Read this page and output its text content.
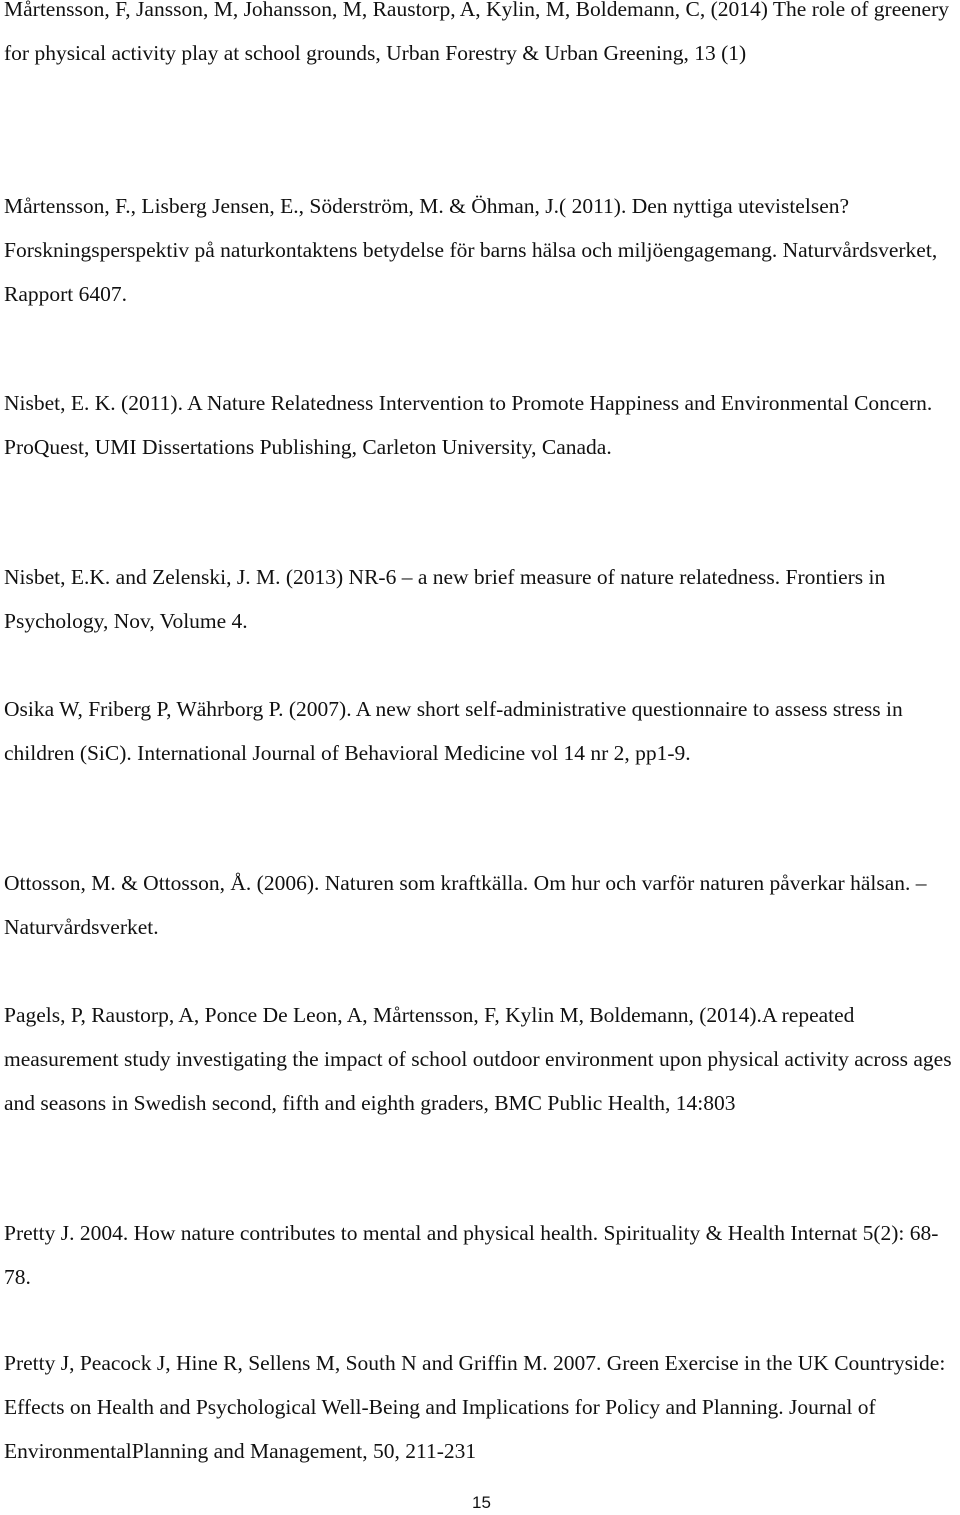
Mårtensson, F, Jansson, M, Johansson, M, Raustorp, A, Kylin, M, Boldemann, C, (2014) The role of greenery for physical activity play at school grounds, Urban Forestry & Urban Greening, 13 (1)

Mårtensson, F., Lisberg Jensen, E., Söderström, M. & Öhman, J.( 2011). Den nyttiga utevistelsen? Forskningsperspektiv på naturkontaktens betydelse för barns hälsa och miljöengagemang. Naturvårdsverket, Rapport 6407.

Nisbet, E. K. (2011). A Nature Relatedness Intervention to Promote Happiness and Environmental Concern. ProQuest, UMI Dissertations Publishing, Carleton University, Canada.

Nisbet, E.K. and Zelenski, J. M. (2013) NR-6 – a new brief measure of nature relatedness. Frontiers in Psychology, Nov, Volume 4.

Osika W, Friberg P, Währborg P. (2007). A new short self-administrative questionnaire to assess stress in children (SiC). International Journal of Behavioral Medicine vol 14 nr 2, pp1-9.

Ottosson, M. & Ottosson, Å. (2006). Naturen som kraftkälla. Om hur och varför naturen påverkar hälsan. – Naturvårdsverket.

Pagels, P, Raustorp, A, Ponce De Leon, A, Mårtensson, F, Kylin M, Boldemann, (2014).A repeated measurement study investigating the impact of school outdoor environment upon physical activity across ages and seasons in Swedish second, fifth and eighth graders, BMC Public Health, 14:803

Pretty J. 2004. How nature contributes to mental and physical health. Spirituality & Health Internat 5(2): 68-78.

Pretty J, Peacock J, Hine R, Sellens M, South N and Griffin M. 2007. Green Exercise in the UK Countryside: Effects on Health and Psychological Well-Being and Implications for Policy and Planning. Journal of EnvironmentalPlanning and Management, 50, 211-231

15
